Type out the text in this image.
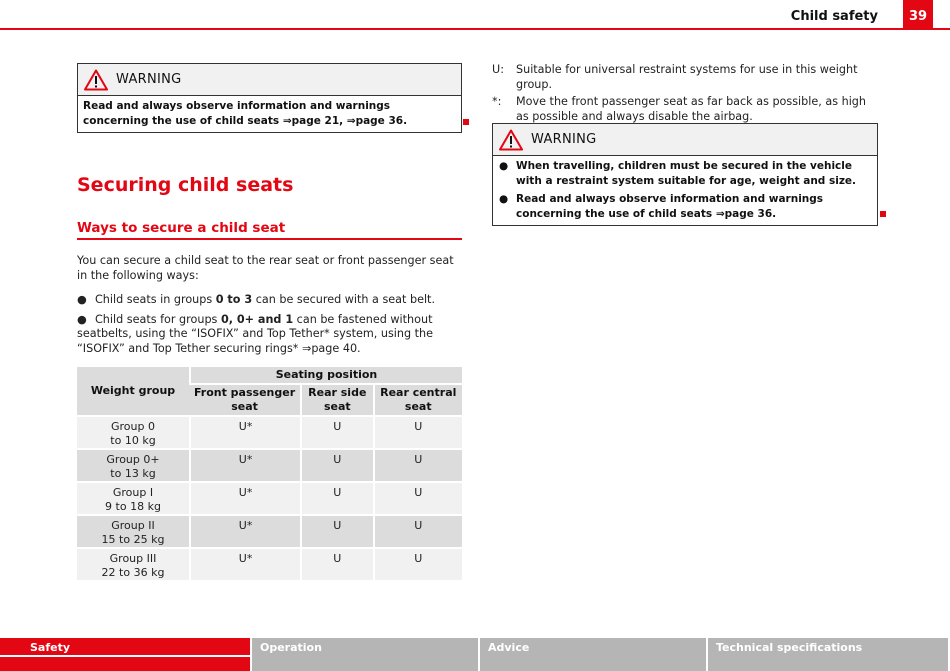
Child safety	39
WARNING
Read and always observe information and warnings concerning the use of child seats ⇒page 21, ⇒page 36.
Securing child seats
Ways to secure a child seat
You can secure a child seat to the rear seat or front passenger seat in the following ways:
● Child seats in groups 0 to 3 can be secured with a seat belt.
● Child seats for groups 0, 0+ and 1 can be fastened without seatbelts, using the “ISOFIX” and Top Tether* system, using the “ISOFIX” and Top Tether securing rings* ⇒page 40.
Weight group	Seating position		
	Front passenger seat	Rear side seat	Rear central seat
Group 0
to 10 kg	U*	U	U
Group 0+
to 13 kg	U*	U	U
Group I
9 to 18 kg	U*	U	U
Group II
15 to 25 kg	U*	U	U
Group III
22 to 36 kg	U*	U	U
U: Suitable for universal restraint systems for use in this weight group.
*: Move the front passenger seat as far back as possible, as high as possible and always disable the airbag.
WARNING
● When travelling, children must be secured in the vehicle with a restraint system suitable for age, weight and size.
● Read and always observe information and warnings concerning the use of child seats ⇒page 36.
Safety	Operation	Advice	Technical specifications
